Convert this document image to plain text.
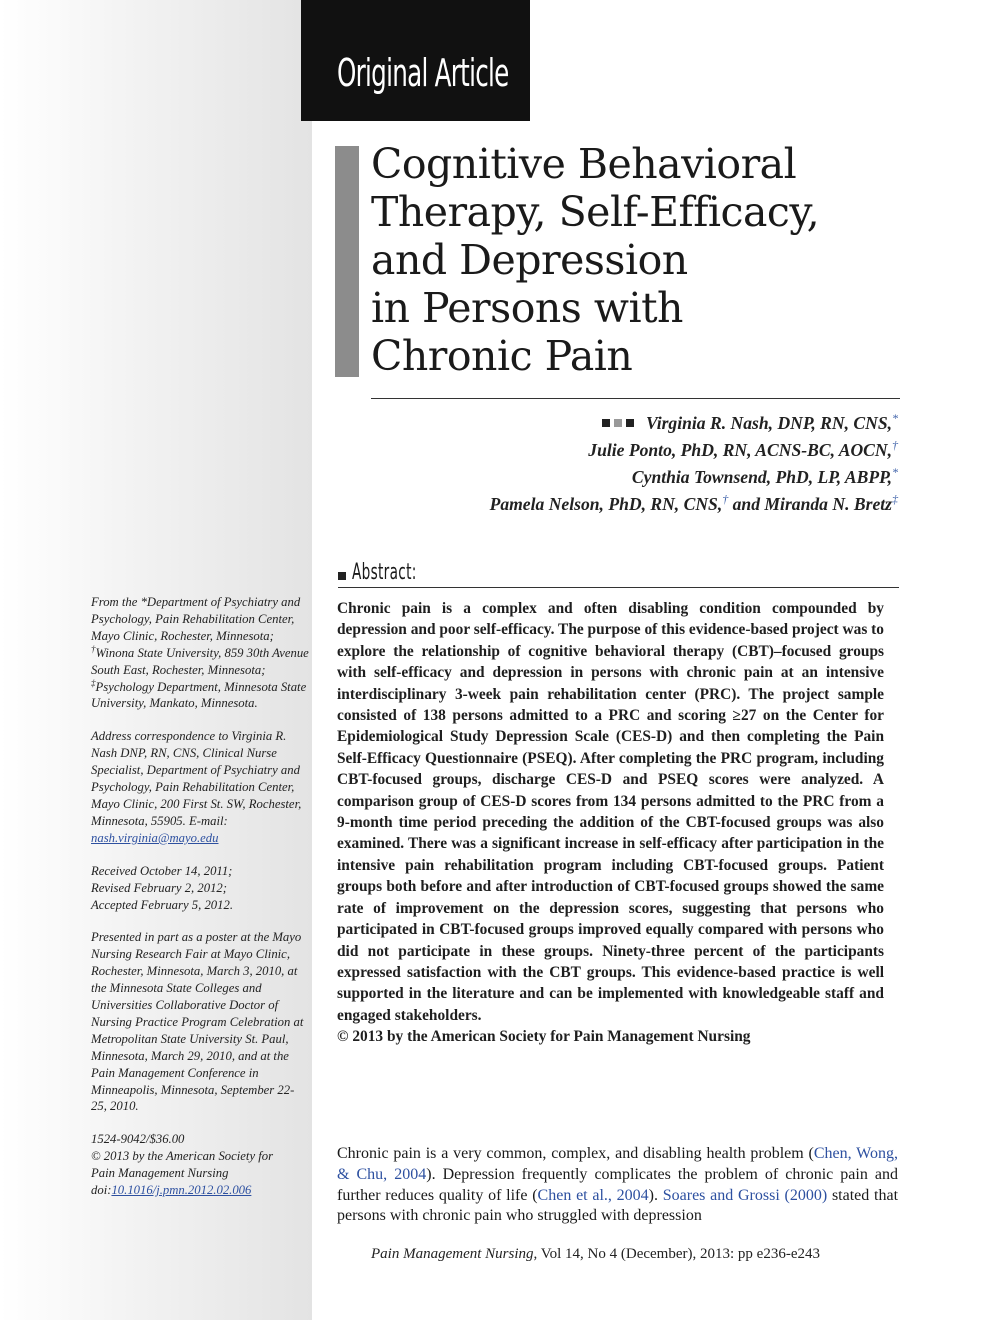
Original Article
Cognitive Behavioral
Therapy, Self-Efficacy,
and Depression
in Persons with
Chronic Pain
Virginia R. Nash, DNP, RN, CNS,*
Julie Ponto, PhD, RN, ACNS-BC, AOCN,†
Cynthia Townsend, PhD, LP, ABPP,*
Pamela Nelson, PhD, RN, CNS,† and Miranda N. Bretz‡
Abstract:

Chronic pain is a complex and often disabling condition compounded by depression and poor self-efficacy. The purpose of this evidence-based project was to explore the relationship of cognitive behavioral therapy (CBT)–focused groups with self-efficacy and depression in persons with chronic pain at an intensive interdisciplinary 3-week pain rehabilitation center (PRC). The project sample consisted of 138 persons admitted to a PRC and scoring ≥27 on the Center for Epidemiological Study Depression Scale (CES-D) and then completing the Pain Self-Efficacy Questionnaire (PSEQ). After completing the PRC program, including CBT-focused groups, discharge CES-D and PSEQ scores were analyzed. A comparison group of CES-D scores from 134 persons admitted to the PRC from a 9-month time period preceding the addition of the CBT-focused groups was also examined. There was a significant increase in self-efficacy after participation in the intensive pain rehabilitation program including CBT-focused groups. Patient groups both before and after introduction of CBT-focused groups showed the same rate of improvement on the depression scores, suggesting that persons who participated in CBT-focused groups improved equally compared with persons who did not participate in these groups. Ninety-three percent of the participants expressed satisfaction with the CBT groups. This evidence-based practice is well supported in the literature and can be implemented with knowledgeable staff and engaged stakeholders.
© 2013 by the American Society for Pain Management Nursing

From the *Department of Psychiatry and Psychology, Pain Rehabilitation Center, Mayo Clinic, Rochester, Minnesota; †Winona State University, 859 30th Avenue South East, Rochester, Minnesota; ‡Psychology Department, Minnesota State University, Mankato, Minnesota.

Address correspondence to Virginia R. Nash DNP, RN, CNS, Clinical Nurse Specialist, Department of Psychiatry and Psychology, Pain Rehabilitation Center, Mayo Clinic, 200 First St. SW, Rochester, Minnesota, 55905. E-mail: nash.virginia@mayo.edu

Received October 14, 2011;
Revised February 2, 2012;
Accepted February 5, 2012.

Presented in part as a poster at the Mayo Nursing Research Fair at Mayo Clinic, Rochester, Minnesota, March 3, 2010, at the Minnesota State Colleges and Universities Collaborative Doctor of Nursing Practice Program Celebration at Metropolitan State University St. Paul, Minnesota, March 29, 2010, and at the Pain Management Conference in Minneapolis, Minnesota, September 22-25, 2010.

1524-9042/$36.00
© 2013 by the American Society for
Pain Management Nursing
doi:10.1016/j.pmn.2012.02.006

Chronic pain is a very common, complex, and disabling health problem (Chen, Wong, & Chu, 2004). Depression frequently complicates the problem of chronic pain and further reduces quality of life (Chen et al., 2004). Soares and Grossi (2000) stated that persons with chronic pain who struggled with depression

Pain Management Nursing, Vol 14, No 4 (December), 2013: pp e236-e243
